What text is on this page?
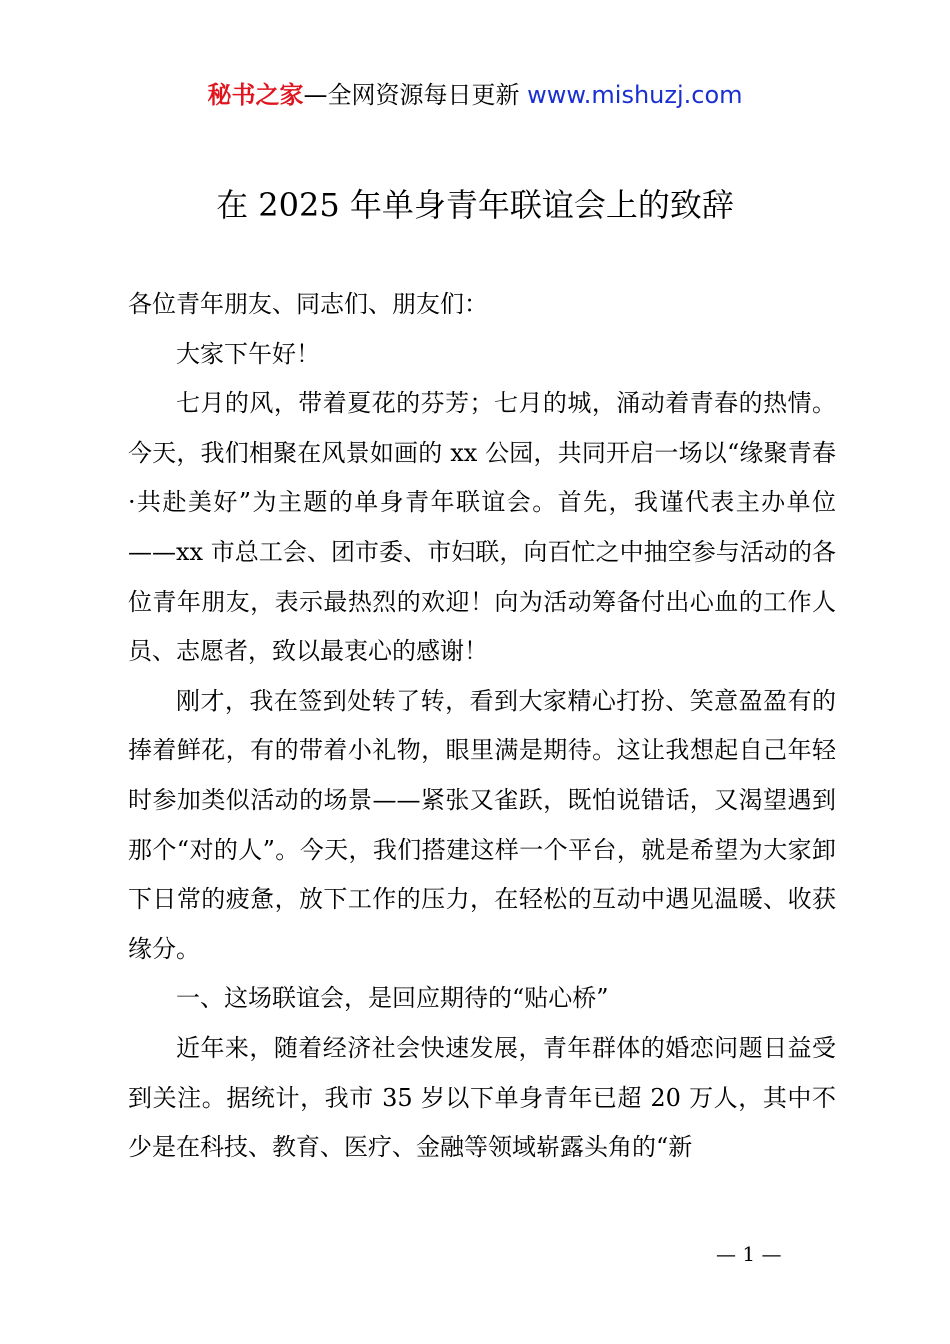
秘书之家—全网资源每日更新 www.mishuzj.com
在 2025 年单身青年联谊会上的致辞

各位青年朋友、同志们、朋友们：

大家下午好！

七月的风，带着夏花的芬芳；七月的城，涌动着青春的热情。今天，我们相聚在风景如画的 xx 公园，共同开启一场以“缘聚青春·共赴美好”为主题的单身青年联谊会。首先，我谨代表主办单位——xx 市总工会、团市委、市妇联，向百忙之中抽空参与活动的各位青年朋友，表示最热烈的欢迎！向为活动筹备付出心血的工作人员、志愿者，致以最衷心的感谢！

刚才，我在签到处转了转，看到大家精心打扮、笑意盈盈有的捧着鲜花，有的带着小礼物，眼里满是期待。这让我想起自己年轻时参加类似活动的场景——紧张又雀跃，既怕说错话，又渴望遇到那个“对的人”。今天，我们搭建这样一个平台，就是希望为大家卸下日常的疲惫，放下工作的压力，在轻松的互动中遇见温暖、收获缘分。

一、这场联谊会，是回应期待的“贴心桥”

近年来，随着经济社会快速发展，青年群体的婚恋问题日益受到关注。据统计，我市 35 岁以下单身青年已超 20 万人，其中不少是在科技、教育、医疗、金融等领域崭露头角的“新

— 1 —
